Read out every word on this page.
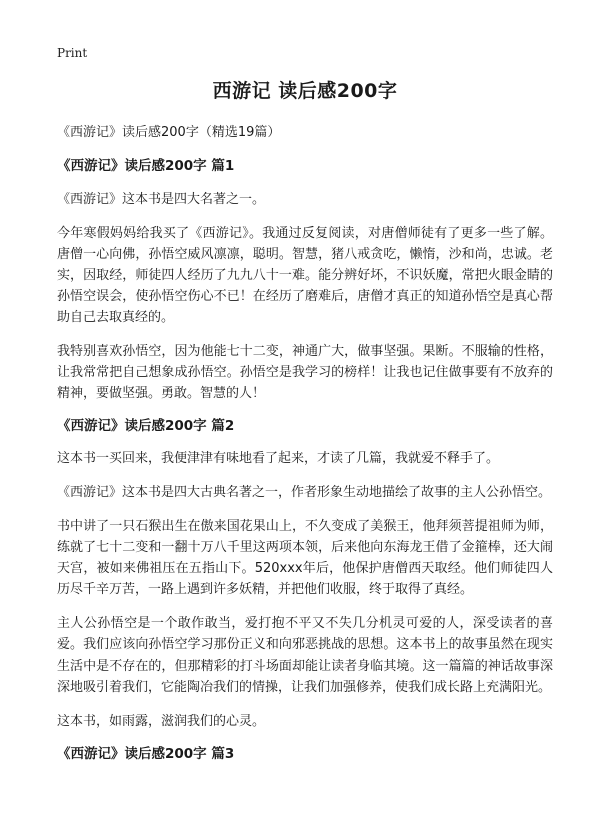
Print
西游记 读后感200字
《西游记》读后感200字（精选19篇）
《西游记》读后感200字 篇1

《西游记》这本书是四大名著之一。

今年寒假妈妈给我买了《西游记》。我通过反复阅读，对唐僧师徒有了更多一些了解。唐僧一心向佛，孙悟空威风凛凛，聪明。智慧，猪八戒贪吃，懒惰，沙和尚，忠诚。老实，因取经，师徒四人经历了九九八十一难。能分辨好坏，不识妖魔，常把火眼金睛的孙悟空误会，使孙悟空伤心不已！在经历了磨难后，唐僧才真正的知道孙悟空是真心帮助自己去取真经的。

我特别喜欢孙悟空，因为他能七十二变，神通广大，做事坚强。果断。不服输的性格，让我常常把自己想象成孙悟空。孙悟空是我学习的榜样！让我也记住做事要有不放弃的精神，要做坚强。勇敢。智慧的人！

《西游记》读后感200字 篇2

这本书一买回来，我便津津有味地看了起来，才读了几篇，我就爱不释手了。

《西游记》这本书是四大古典名著之一，作者形象生动地描绘了故事的主人公孙悟空。

书中讲了一只石猴出生在傲来国花果山上，不久变成了美猴王，他拜须菩提祖师为师，练就了七十二变和一翻十万八千里这两项本领，后来他向东海龙王借了金箍棒，还大闹天宫，被如来佛祖压在五指山下。520xxx年后，他保护唐僧西天取经。他们师徒四人历尽千辛万苦，一路上遇到许多妖精，并把他们收服，终于取得了真经。

主人公孙悟空是一个敢作敢当，爱打抱不平又不失几分机灵可爱的人，深受读者的喜爱。我们应该向孙悟空学习那份正义和向邪恶挑战的思想。这本书上的故事虽然在现实生活中是不存在的，但那精彩的打斗场面却能让读者身临其境。这一篇篇的神话故事深深地吸引着我们，它能陶冶我们的情操，让我们加强修养，使我们成长路上充满阳光。

这本书，如雨露，滋润我们的心灵。

《西游记》读后感200字 篇3
